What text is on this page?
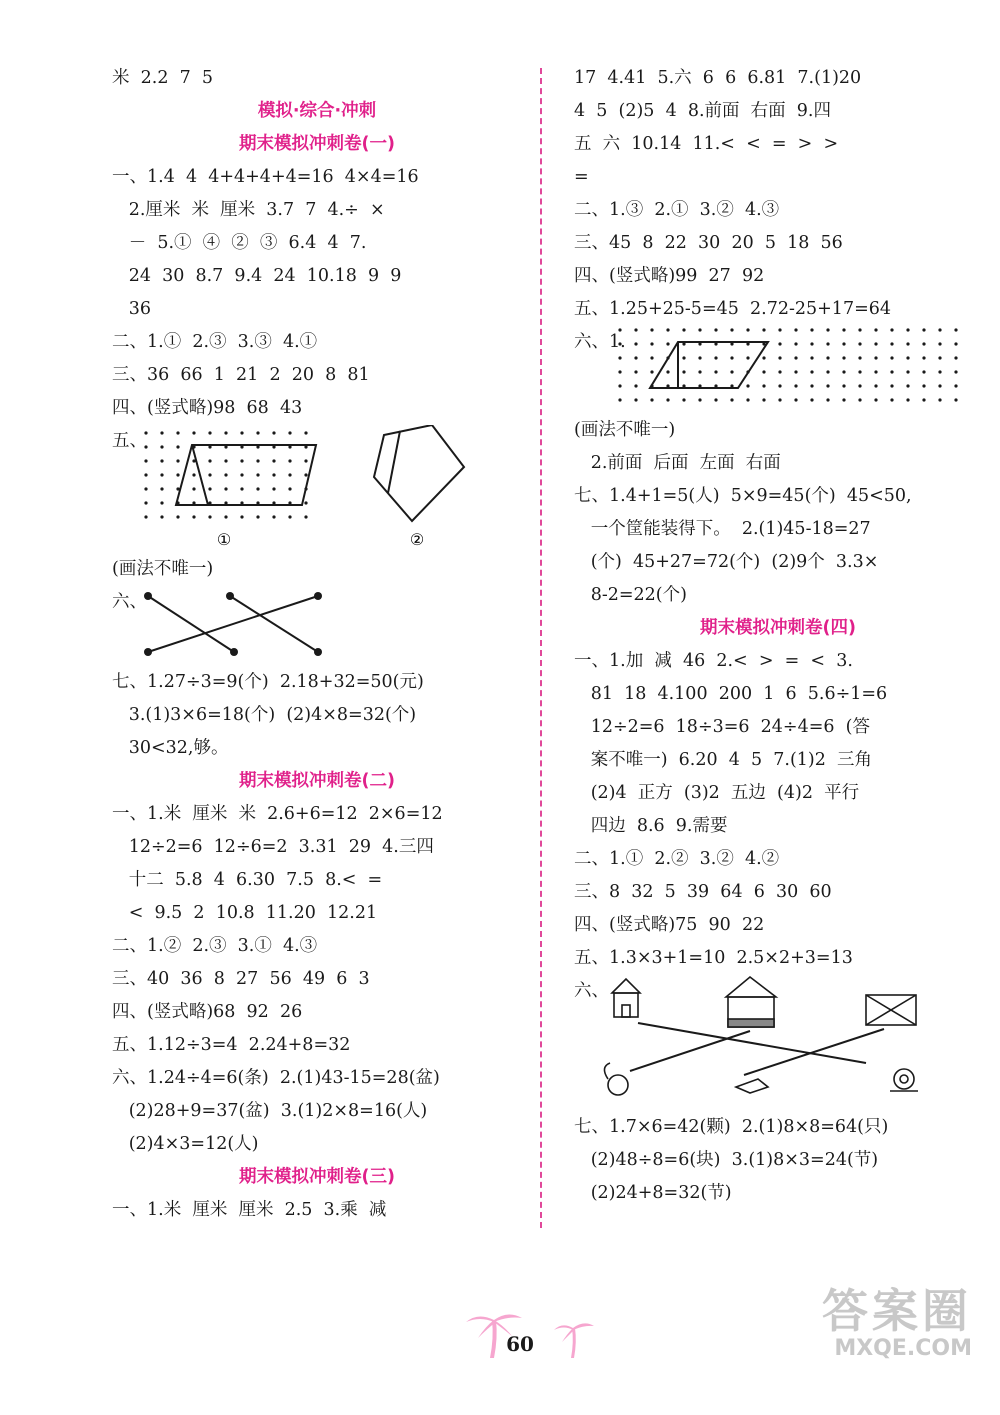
米  2.2  7  5
模拟·综合·冲刺
期末模拟冲刺卷(一)
一、1.4  4  4+4+4+4=16  4×4=16
2.厘米  米  厘米  3.7  7  4.÷  ×
－  5.①  ④  ②  ③  6.4  4  7.
24  30  8.7  9.4  24  10.18  9  9
36
二、1.①  2.③  3.③  4.①
三、36  66  1  21  2  20  8  81
四、(竖式略)98  68  43
五、
①	②
(画法不唯一)
六、
七、1.27÷3=9(个)  2.18+32=50(元)
3.(1)3×6=18(个)  (2)4×8=32(个)
30<32,够。
期末模拟冲刺卷(二)
一、1.米  厘米  米  2.6+6=12  2×6=12
12÷2=6  12÷6=2  3.31  29  4.三四
十二  5.8  4  6.30  7.5  8.<  =
<  9.5  2  10.8  11.20  12.21
二、1.②  2.③  3.①  4.③
三、40  36  8  27  56  49  6  3
四、(竖式略)68  92  26
五、1.12÷3=4  2.24+8=32
六、1.24÷4=6(条)  2.(1)43-15=28(盆)
(2)28+9=37(盆)  3.(1)2×8=16(人)
(2)4×3=12(人)
期末模拟冲刺卷(三)
一、1.米  厘米  厘米  2.5  3.乘  减
17  4.41  5.六  6  6  6.81  7.(1)20
4  5  (2)5  4  8.前面  右面  9.四
五  六  10.14  11.<  <  =  >  >
=
二、1.③  2.①  3.②  4.③
三、45  8  22  30  20  5  18  56
四、(竖式略)99  27  92
五、1.25+25-5=45  2.72-25+17=64
六、1.
(画法不唯一)
2.前面  后面  左面  右面
七、1.4+1=5(人)  5×9=45(个)  45<50,
一个筐能装得下。  2.(1)45-18=27
(个)  45+27=72(个)  (2)9个  3.3×
8-2=22(个)
期末模拟冲刺卷(四)
一、1.加  减  46  2.<  >  =  <  3.
81  18  4.100  200  1  6  5.6÷1=6
12÷2=6  18÷3=6  24÷4=6  (答
案不唯一)  6.20  4  5  7.(1)2  三角
(2)4  正方  (3)2  五边  (4)2  平行
四边  8.6  9.需要
二、1.①  2.②  3.②  4.②
三、8  32  5  39  64  6  30  60
四、(竖式略)75  90  22
五、1.3×3+1=10  2.5×2+3=13
六、
七、1.7×6=42(颗)  2.(1)8×8=64(只)
(2)48÷8=6(块)  3.(1)8×3=24(节)
(2)24+8=32(节)
60
答案圈
MXQE.COM
